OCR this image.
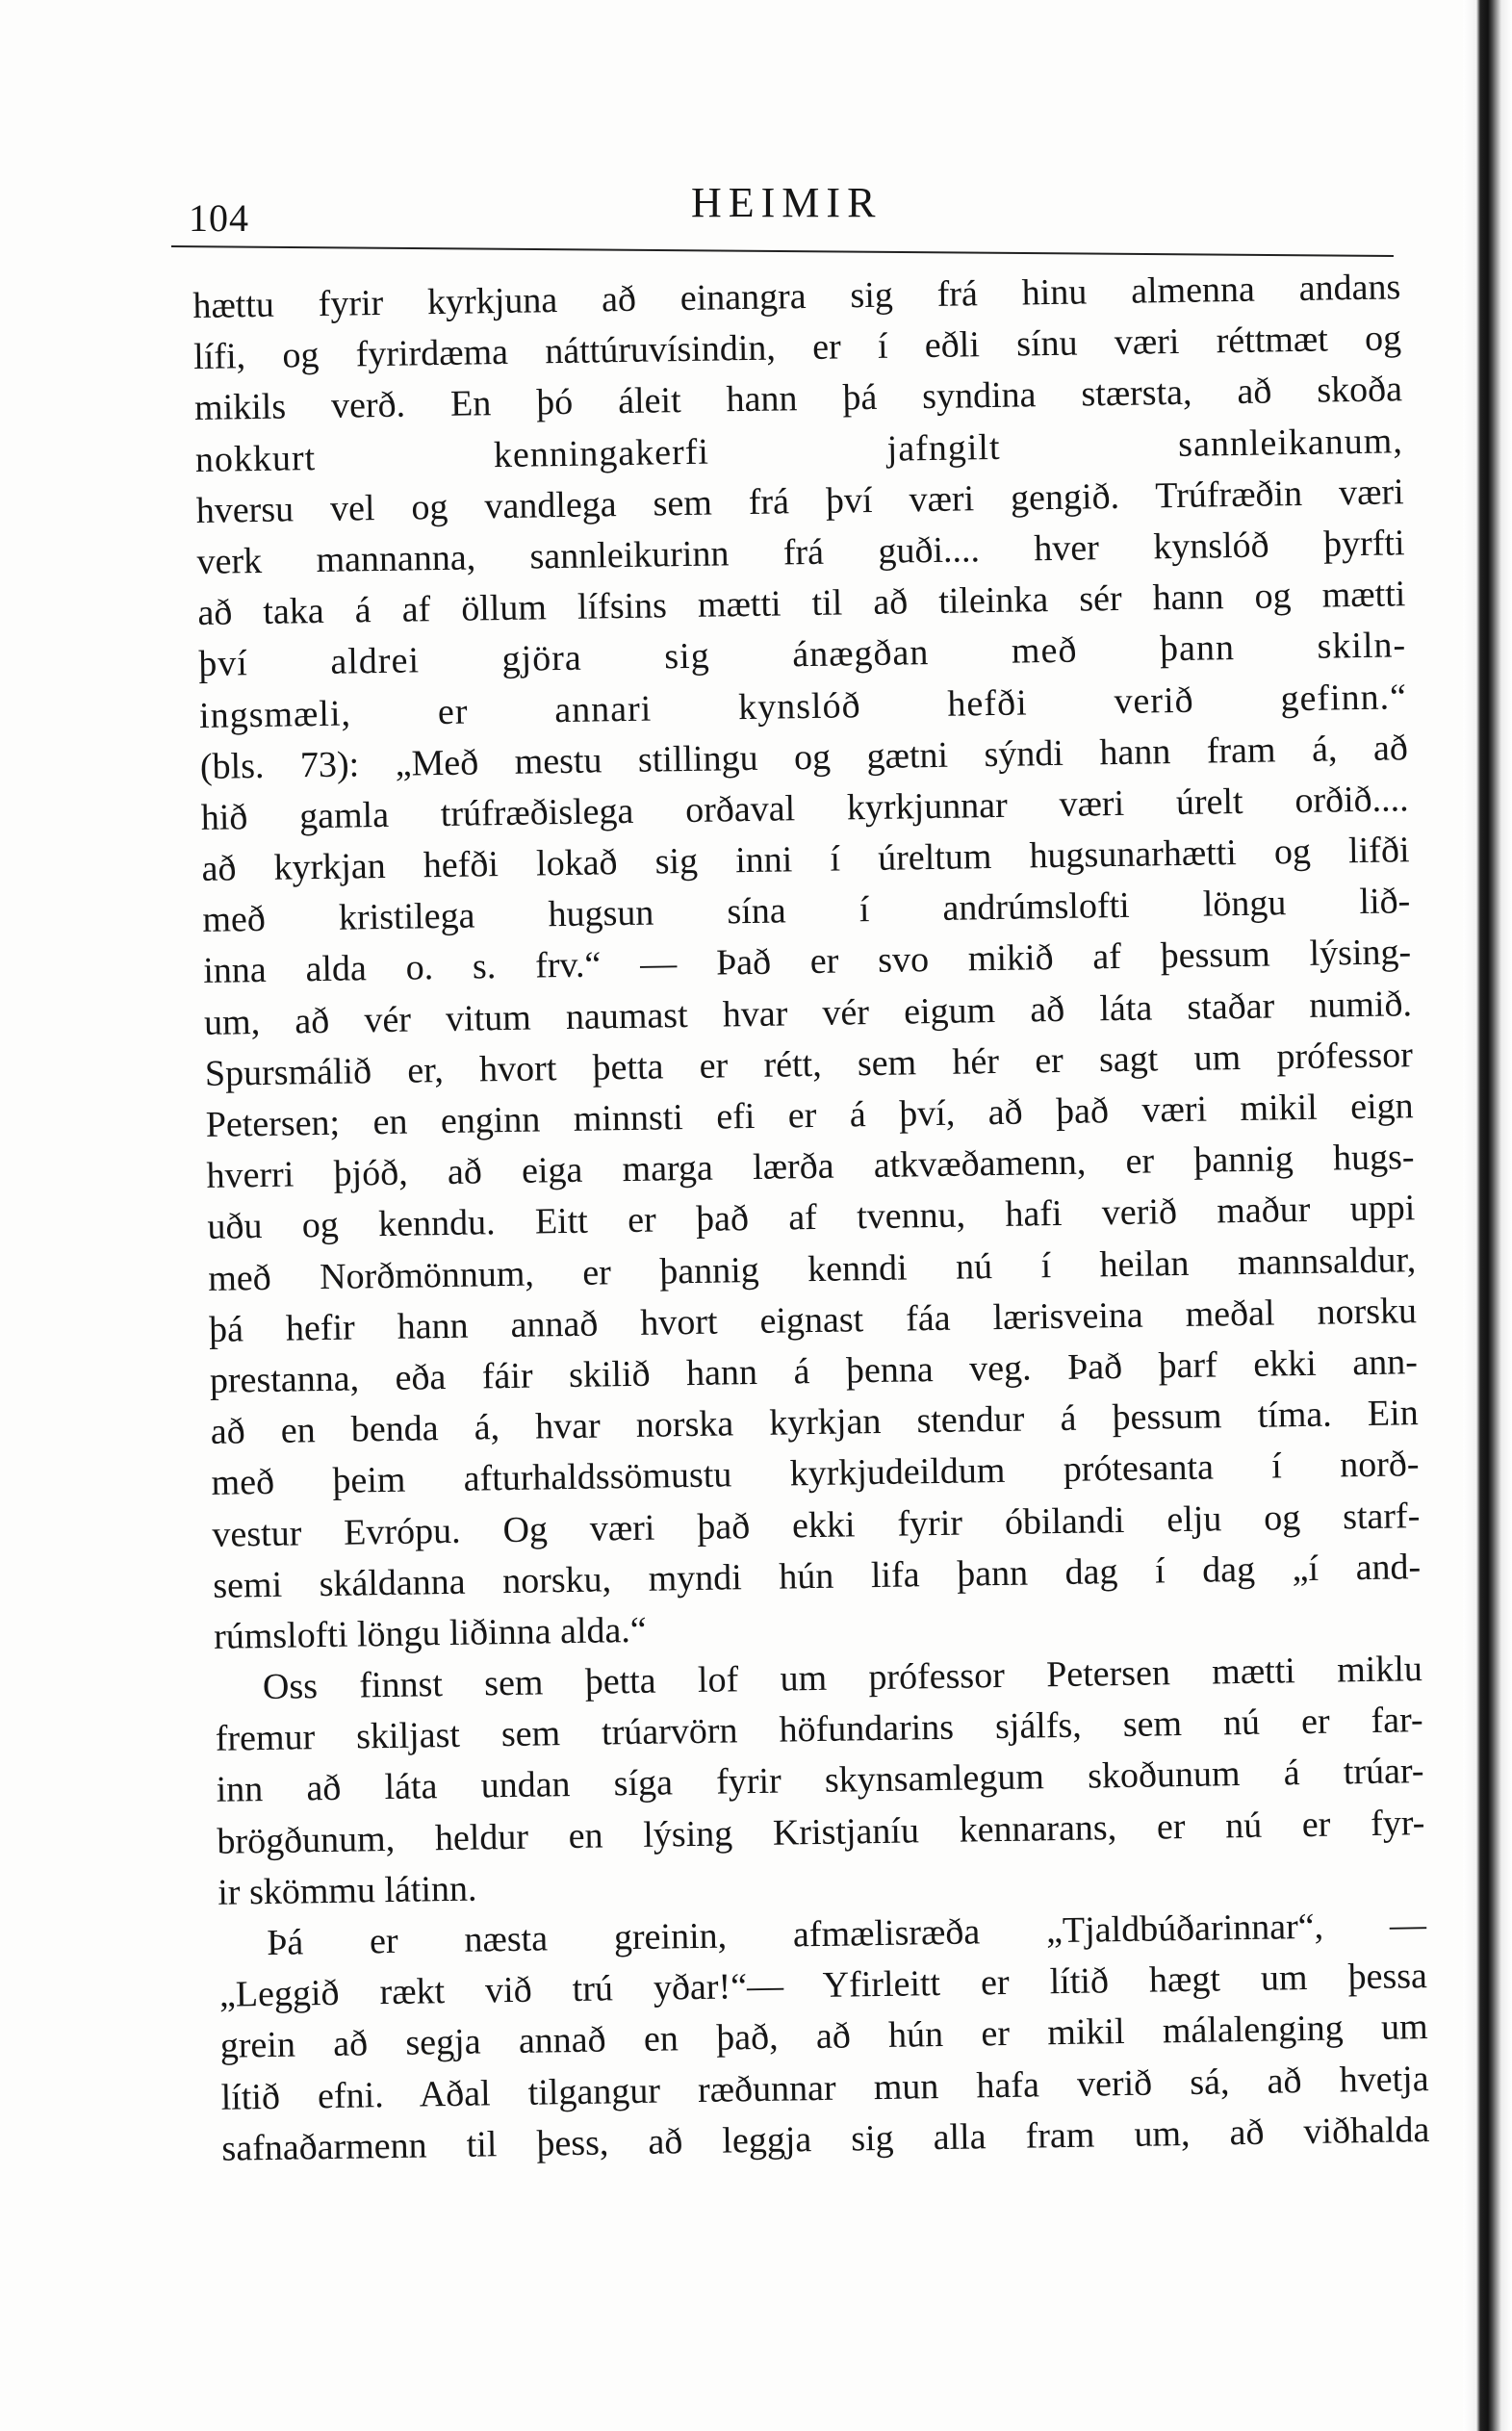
104	HEIMIR
hættu fyrir kyrkjuna að einangra sig frá hinu almenna andans
lífi, og fyrirdæma náttúruvísindin, er í eðli sínu væri réttmæt og
mikils verð. En þó áleit hann þá syndina stærsta, að skoða
nokkurt kenningakerfi jafngilt sannleikanum,
hversu vel og vandlega sem frá því væri gengið. Trúfræðin væri
verk mannanna, sannleikurinn frá guði.... hver kynslóð þyrfti
að taka á af öllum lífsins mætti til að tileinka sér hann og mætti
því aldrei gjöra sig ánægðan með þann skiln-
ingsmæli, er annari kynslóð hefði verið gefinn.“
(bls. 73): „Með mestu stillingu og gætni sýndi hann fram á, að
hið gamla trúfræðislega orðaval kyrkjunnar væri úrelt orðið....
að kyrkjan hefði lokað sig inni í úreltum hugsunarhætti og lifði
með kristilega hugsun sína í andrúmslofti löngu lið-
inna alda o. s. frv.“ — Það er svo mikið af þessum lýsing-
um, að vér vitum naumast hvar vér eigum að láta staðar numið.
Spursmálið er, hvort þetta er rétt, sem hér er sagt um prófessor
Petersen; en enginn minnsti efi er á því, að það væri mikil eign
hverri þjóð, að eiga marga lærða atkvæðamenn, er þannig hugs-
uðu og kenndu. Eitt er það af tvennu, hafi verið maður uppi
með Norðmönnum, er þannig kenndi nú í heilan mannsaldur,
þá hefir hann annað hvort eignast fáa lærisveina meðal norsku
prestanna, eða fáir skilið hann á þenna veg. Það þarf ekki ann-
að en benda á, hvar norska kyrkjan stendur á þessum tíma. Ein
með þeim afturhaldssömustu kyrkjudeildum prótesanta í norð-
vestur Evrópu. Og væri það ekki fyrir óbilandi elju og starf-
semi skáldanna norsku, myndi hún lifa þann dag í dag „í and-
rúmslofti löngu liðinna alda.“
Oss finnst sem þetta lof um prófessor Petersen mætti miklu
fremur skiljast sem trúarvörn höfundarins sjálfs, sem nú er far-
inn að láta undan síga fyrir skynsamlegum skoðunum á trúar-
brögðunum, heldur en lýsing Kristjaníu kennarans, er nú er fyr-
ir skömmu látinn.
Þá er næsta greinin, afmælisræða „Tjaldbúðarinnar“, —
„Leggið rækt við trú yðar!“— Yfirleitt er lítið hægt um þessa
grein að segja annað en það, að hún er mikil málalenging um
lítið efni. Aðal tilgangur ræðunnar mun hafa verið sá, að hvetja
safnaðarmenn til þess, að leggja sig alla fram um, að viðhalda
